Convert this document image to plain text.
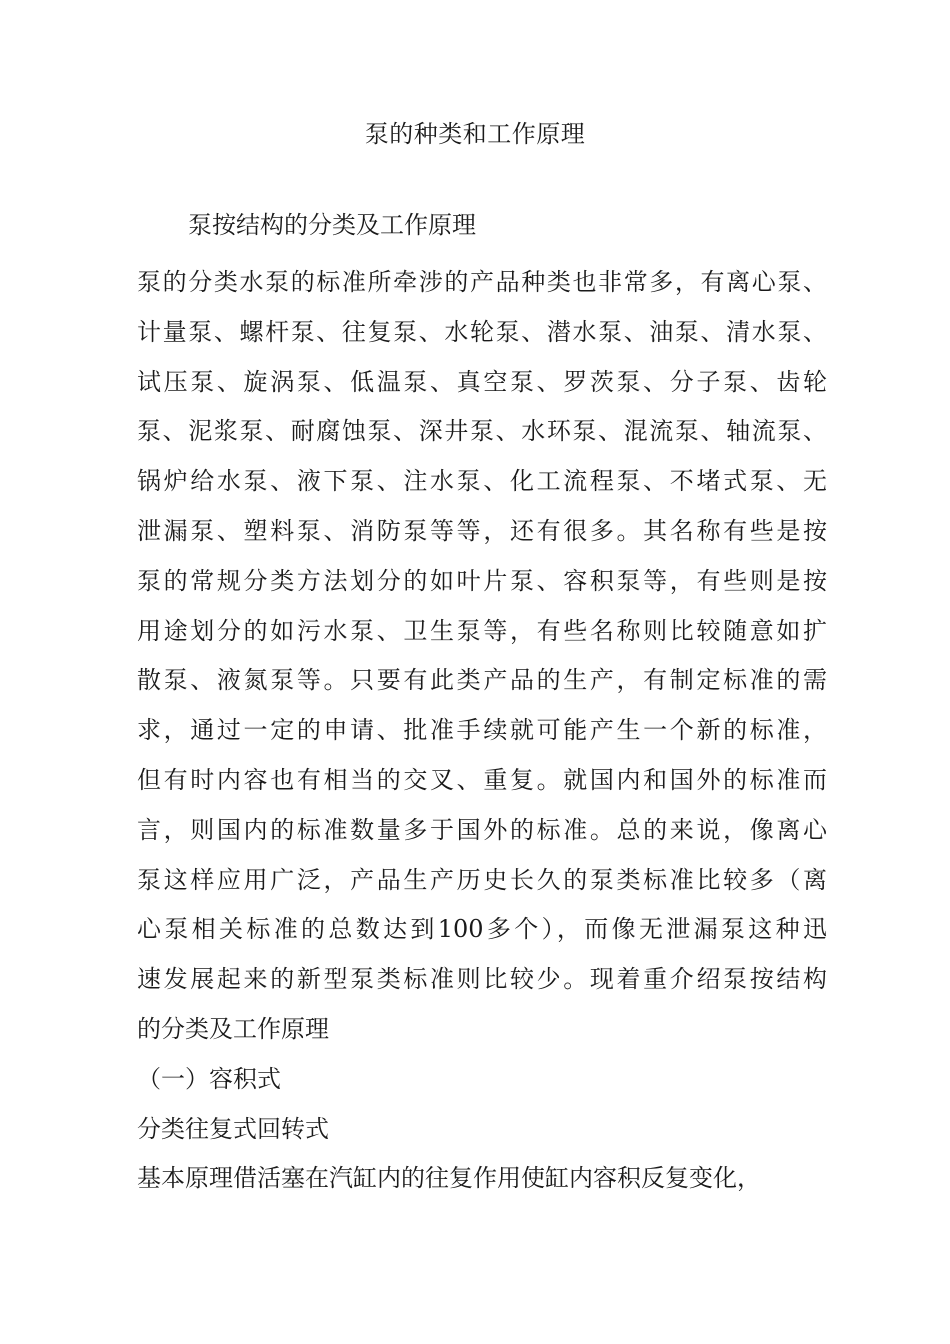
泵的种类和工作原理
泵按结构的分类及工作原理
泵的分类水泵的标准所牵涉的产品种类也非常多，有离心泵、
计量泵、螺杆泵、往复泵、水轮泵、潜水泵、油泵、清水泵、
试压泵、旋涡泵、低温泵、真空泵、罗茨泵、分子泵、齿轮
泵、泥浆泵、耐腐蚀泵、深井泵、水环泵、混流泵、轴流泵、
锅炉给水泵、液下泵、注水泵、化工流程泵、不堵式泵、无
泄漏泵、塑料泵、消防泵等等，还有很多。其名称有些是按
泵的常规分类方法划分的如叶片泵、容积泵等，有些则是按
用途划分的如污水泵、卫生泵等，有些名称则比较随意如扩
散泵、液氮泵等。只要有此类产品的生产，有制定标准的需
求，通过一定的申请、批准手续就可能产生一个新的标准，
但有时内容也有相当的交叉、重复。就国内和国外的标准而
言，则国内的标准数量多于国外的标准。总的来说，像离心
泵这样应用广泛，产品生产历史长久的泵类标准比较多（离
心泵相关标准的总数达到100多个），而像无泄漏泵这种迅
速发展起来的新型泵类标准则比较少。现着重介绍泵按结构
的分类及工作原理
（一）容积式
分类往复式回转式
基本原理借活塞在汽缸内的往复作用使缸内容积反复变化，
